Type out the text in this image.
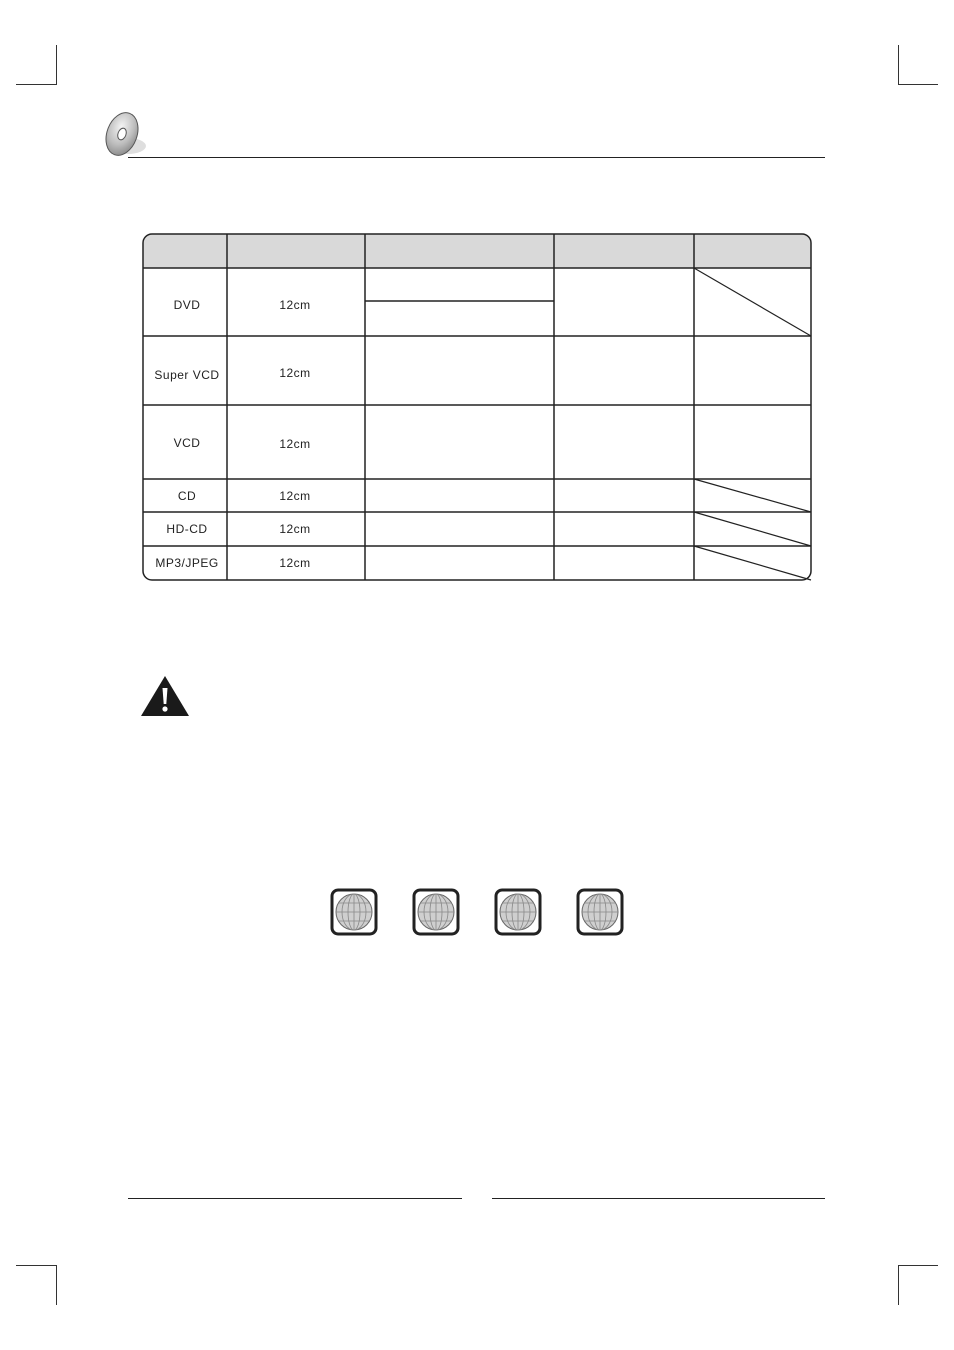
DVD	12cm
Super VCD	12cm
VCD	12cm
CD	12cm
HD-CD	12cm
MP3/JPEG	12cm
